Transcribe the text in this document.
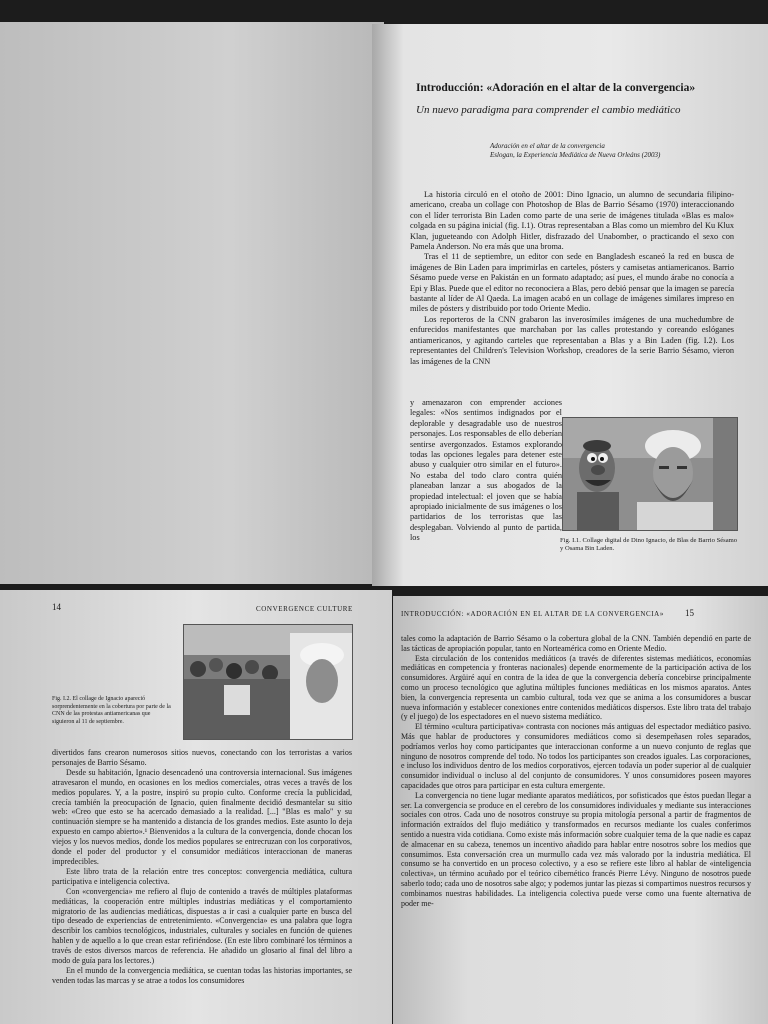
Introducción: «Adoración en el altar de la convergencia»
Un nuevo paradigma para comprender el cambio mediático
Adoración en el altar de la convergencia
Eslogan, la Experiencia Mediática de Nueva Orleáns (2003)

La historia circuló en el otoño de 2001: Dino Ignacio, un alumno de secundaria filipino-americano, creaba un collage con Photoshop de Blas de Barrio Sésamo (1970) interaccionando con el líder terrorista Bin Laden como parte de una serie de imágenes titulada «Blas es malo» colgada en su página inicial (fig. I.1). Otras representaban a Blas como un miembro del Ku Klux Klan, jugueteando con Adolph Hitler, disfrazado del Unabomber, o practicando el sexo con Pamela Anderson. No era más que una broma.

Tras el 11 de septiembre, un editor con sede en Bangladesh escaneó la red en busca de imágenes de Bin Laden para imprimirlas en carteles, pósters y camisetas antiamericanos. Barrio Sésamo puede verse en Pakistán en un formato adaptado; así pues, el mundo árabe no conocía a Epi y Blas. Puede que el editor no reconociera a Blas, pero debió pensar que la imagen se parecía bastante al líder de Al Qaeda. La imagen acabó en un collage de imágenes similares impreso en miles de pósters y distribuido por todo Oriente Medio.

Los reporteros de la CNN grabaron las inverosímiles imágenes de una muchedumbre de enfurecidos manifestantes que marchaban por las calles protestando y coreando eslóganes antiamericanos, y agitando carteles que representaban a Blas y a Bin Laden (fig. I.2). Los representantes del Children's Television Workshop, creadores de la serie Barrio Sésamo, vieron las imágenes de la CNN

y amenazaron con emprender acciones legales: «Nos sentimos indignados por el deplorable y desagradable uso de nuestros personajes. Los responsables de ello deberían sentirse avergonzados. Estamos explorando todas las opciones legales para detener este abuso y cualquier otro similar en el futuro». No estaba del todo claro contra quién planeaban lanzar a sus abogados de la propiedad intelectual: el joven que se había apropiado inicialmente de sus imágenes o los partidarios de los terroristas que las desplegaban. Volviendo al punto de partida, los	Fig. I.1. Collage digital de Dino Ignacio, de Blas de Barrio Sésamo y Osama Bin Laden.
14	CONVERGENCE CULTURE
Fig. I.2. El collage de Ignacio apareció sorprendentemente en la cobertura por parte de la CNN de las protestas antiamericanas que siguieron al 11 de septiembre.

divertidos fans crearon numerosos sitios nuevos, conectando con los terroristas a varios personajes de Barrio Sésamo.

Desde su habitación, Ignacio desencadenó una controversia internacional. Sus imágenes atravesaron el mundo, en ocasiones en los medios comerciales, otras veces a través de los medios populares. Y, a la postre, inspiró su propio culto. Conforme crecía la publicidad, crecía también la preocupación de Ignacio, quien finalmente decidió desmantelar su sitio web: «Creo que esto se ha acercado demasiado a la realidad. [...] "Blas es malo" y su continuación siempre se ha mantenido a distancia de los grandes medios. Este asunto lo deja expuesto en campo abierto».¹ Bienvenidos a la cultura de la convergencia, donde chocan los viejos y los nuevos medios, donde los medios populares se entrecruzan con los corporativos, donde el poder del productor y el consumidor mediáticos interaccionan de maneras impredecibles.

Este libro trata de la relación entre tres conceptos: convergencia mediática, cultura participativa e inteligencia colectiva.

Con «convergencia» me refiero al flujo de contenido a través de múltiples plataformas mediáticas, la cooperación entre múltiples industrias mediáticas y el comportamiento migratorio de las audiencias mediáticas, dispuestas a ir casi a cualquier parte en busca del tipo deseado de experiencias de entretenimiento. «Convergencia» es una palabra que logra describir los cambios tecnológicos, industriales, culturales y sociales en función de quienes hablen y de aquello a lo que crean estar refiriéndose. (En este libro combinaré los términos a través de estos diversos marcos de referencia. He añadido un glosario al final del libro a modo de guía para los lectores.)

En el mundo de la convergencia mediática, se cuentan todas las historias importantes, se venden todas las marcas y se atrae a todos los consumidores

INTRODUCCIÓN: «ADORACIÓN EN EL ALTAR DE LA CONVERGENCIA» 15

tales como la adaptación de Barrio Sésamo o la cobertura global de la CNN. También dependió en parte de las tácticas de apropiación popular, tanto en Norteamérica como en Oriente Medio.

Esta circulación de los contenidos mediáticos (a través de diferentes sistemas mediáticos, economías mediáticas en competencia y fronteras nacionales) depende enormemente de la participación activa de los consumidores. Argüiré aquí en contra de la idea de que la convergencia debería concebirse principalmente como un proceso tecnológico que aglutina múltiples funciones mediáticas en los mismos aparatos. Antes bien, la convergencia representa un cambio cultural, toda vez que se anima a los consumidores a buscar nueva información y establecer conexiones entre contenidos mediáticos dispersos. Este libro trata del trabajo (y el juego) de los espectadores en el nuevo sistema mediático.

El término «cultura participativa» contrasta con nociones más antiguas del espectador mediático pasivo. Más que hablar de productores y consumidores mediáticos como si desempeñasen roles separados, podríamos verlos hoy como participantes que interaccionan conforme a un nuevo conjunto de reglas que ninguno de nosotros comprende del todo. No todos los participantes son creados iguales. Las corporaciones, e incluso los individuos dentro de los medios corporativos, ejercen todavía un poder superior al de cualquier consumidor individual o incluso al del conjunto de consumidores. Y unos consumidores poseen mayores capacidades que otros para participar en esta cultura emergente.

La convergencia no tiene lugar mediante aparatos mediáticos, por sofisticados que éstos puedan llegar a ser. La convergencia se produce en el cerebro de los consumidores individuales y mediante sus interacciones sociales con otros. Cada uno de nosotros construye su propia mitología personal a partir de fragmentos de información extraídos del flujo mediático y transformados en recursos mediante los cuales conferimos sentido a nuestra vida cotidiana. Como existe más información sobre cualquier tema de la que nadie es capaz de almacenar en su cabeza, tenemos un incentivo añadido para hablar entre nosotros sobre los medios que consumimos. Esta conversación crea un murmullo cada vez más valorado por la industria mediática. El consumo se ha convertido en un proceso colectivo, y a eso se refiere este libro al hablar de «inteligencia colectiva», un término acuñado por el teórico cibernético francés Pierre Lévy. Ninguno de nosotros puede saberlo todo; cada uno de nosotros sabe algo; y podemos juntar las piezas si compartimos nuestros recursos y combinamos nuestras habilidades. La inteligencia colectiva puede verse como una fuente alternativa de poder me-
